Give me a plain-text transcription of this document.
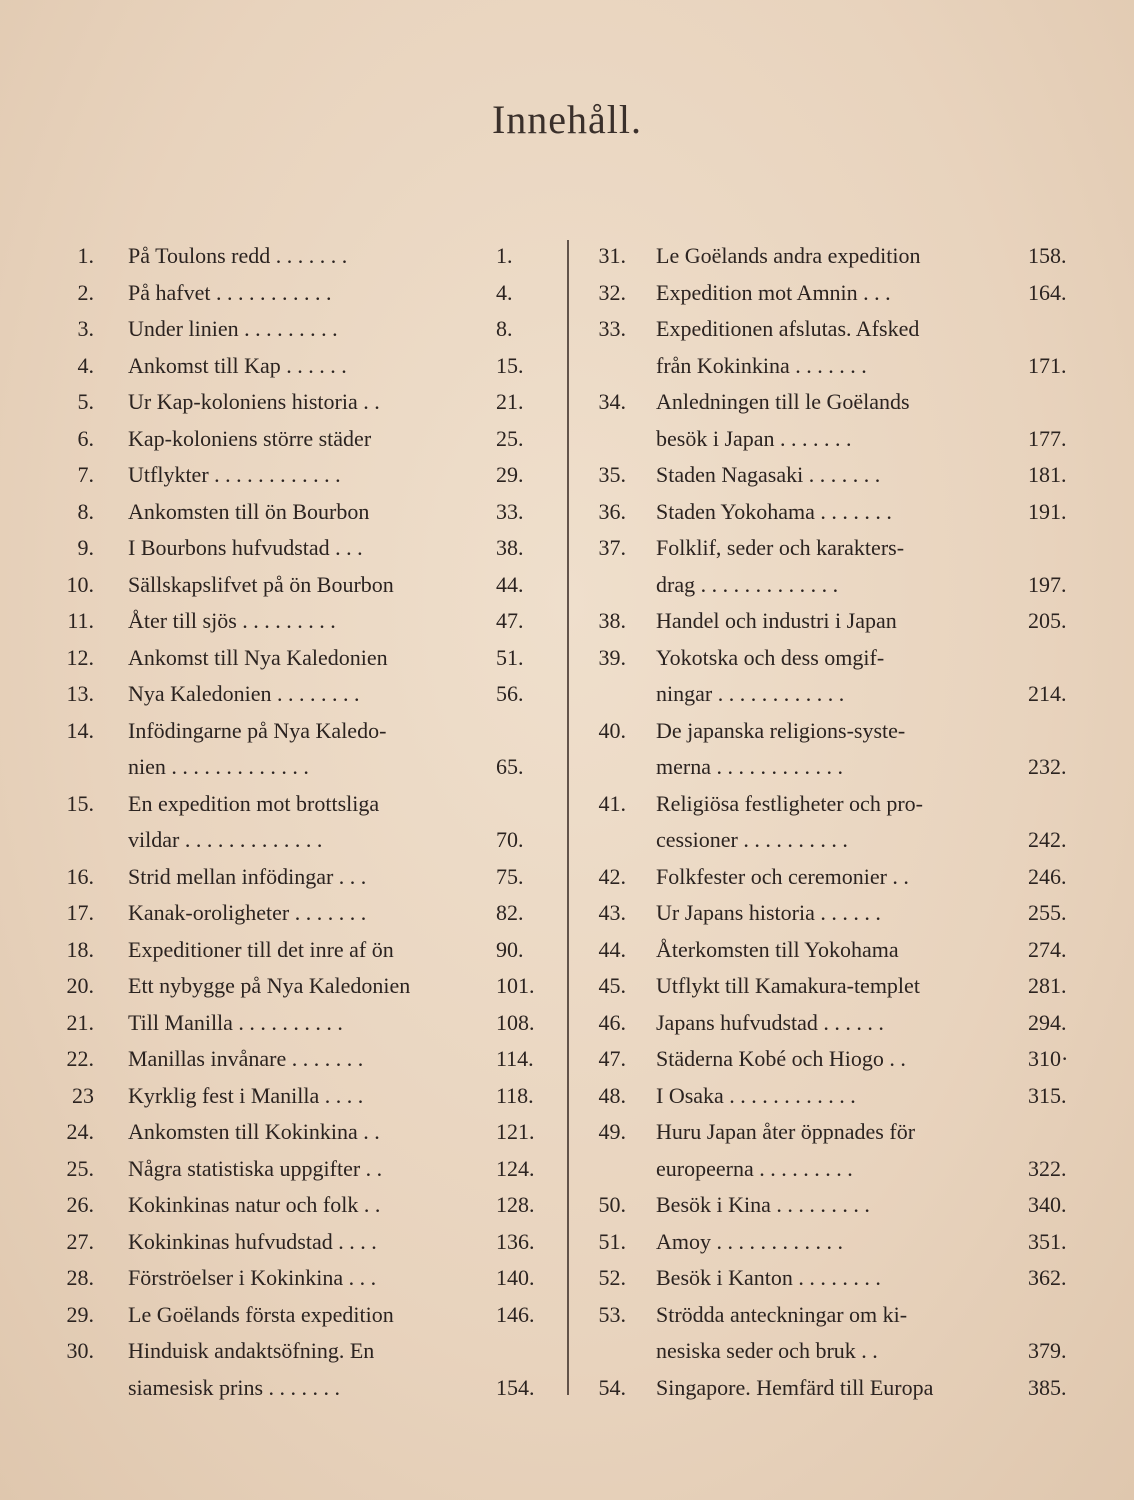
Innehåll.
1. På Toulons redd . . . . . . .	1.
2. På hafvet . . . . . . . . . . .	4.
3. Under linien . . . . . . . . .	8.
4. Ankomst till Kap . . . . . .	15.
5. Ur Kap-koloniens historia . .	21.
6. Kap-koloniens större städer	25.
7. Utflykter . . . . . . . . . . . .	29.
8. Ankomsten till ön Bourbon	33.
9. I Bourbons hufvudstad . . .	38.
10. Sällskapslifvet på ön Bourbon	44.
11. Åter till sjös . . . . . . . . .	47.
12. Ankomst till Nya Kaledonien	51.
13. Nya Kaledonien . . . . . . . .	56.
14. Infödingarne på Nya Kaledo-
nien . . . . . . . . . . . . .	65.
15. En expedition mot brottsliga
vildar . . . . . . . . . . . . .	70.
16. Strid mellan infödingar . . .	75.
17. Kanak-oroligheter . . . . . . .	82.
18. Expeditioner till det inre af ön	90.
20. Ett nybygge på Nya Kaledonien	101.
21. Till Manilla . . . . . . . . . .	108.
22. Manillas invånare . . . . . . .	114.
23 Kyrklig fest i Manilla . . . .	118.
24. Ankomsten till Kokinkina . .	121.
25. Några statistiska uppgifter . .	124.
26. Kokinkinas natur och folk . .	128.
27. Kokinkinas hufvudstad . . . .	136.
28. Förströelser i Kokinkina . . .	140.
29. Le Goëlands första expedition	146.
30. Hinduisk andaktsöfning. En
siamesisk prins . . . . . . .	154.
31. Le Goëlands andra expedition	158.
32. Expedition mot Amnin . . .	164.
33. Expeditionen afslutas. Afsked
från Kokinkina . . . . . . .	171.
34. Anledningen till le Goëlands
besök i Japan . . . . . . .	177.
35. Staden Nagasaki . . . . . . .	181.
36. Staden Yokohama . . . . . . .	191.
37. Folklif, seder och karakters-
drag . . . . . . . . . . . . .	197.
38. Handel och industri i Japan	205.
39. Yokotska och dess omgif-
ningar . . . . . . . . . . . .	214.
40. De japanska religions-syste-
merna . . . . . . . . . . . .	232.
41. Religiösa festligheter och pro-
cessioner . . . . . . . . . .	242.
42. Folkfester och ceremonier . .	246.
43. Ur Japans historia . . . . . .	255.
44. Återkomsten till Yokohama	274.
45. Utflykt till Kamakura-templet	281.
46. Japans hufvudstad . . . . . .	294.
47. Städerna Kobé och Hiogo . .	310·
48. I Osaka . . . . . . . . . . . .	315.
49. Huru Japan åter öppnades för
europeerna . . . . . . . . .	322.
50. Besök i Kina . . . . . . . . .	340.
51. Amoy . . . . . . . . . . . .	351.
52. Besök i Kanton . . . . . . . .	362.
53. Strödda anteckningar om ki-
nesiska seder och bruk . .	379.
54. Singapore. Hemfärd till Europa	385.
